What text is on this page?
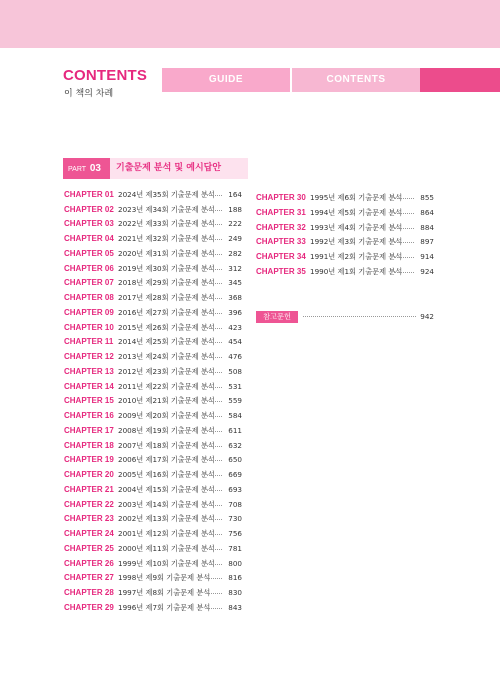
GUIDE	CONTENTS
CONTENTS
이 책의 차례
PART 03	기출문제 분석 및 예시답안
CHAPTER 01 2024년 제35회 기출문제 분석	164
CHAPTER 02 2023년 제34회 기출문제 분석	188
CHAPTER 03 2022년 제33회 기출문제 분석	222
CHAPTER 04 2021년 제32회 기출문제 분석	249
CHAPTER 05 2020년 제31회 기출문제 분석	282
CHAPTER 06 2019년 제30회 기출문제 분석	312
CHAPTER 07 2018년 제29회 기출문제 분석	345
CHAPTER 08 2017년 제28회 기출문제 분석	368
CHAPTER 09 2016년 제27회 기출문제 분석	396
CHAPTER 10 2015년 제26회 기출문제 분석	423
CHAPTER 11 2014년 제25회 기출문제 분석	454
CHAPTER 12 2013년 제24회 기출문제 분석	476
CHAPTER 13 2012년 제23회 기출문제 분석	508
CHAPTER 14 2011년 제22회 기출문제 분석	531
CHAPTER 15 2010년 제21회 기출문제 분석	559
CHAPTER 16 2009년 제20회 기출문제 분석	584
CHAPTER 17 2008년 제19회 기출문제 분석	611
CHAPTER 18 2007년 제18회 기출문제 분석	632
CHAPTER 19 2006년 제17회 기출문제 분석	650
CHAPTER 20 2005년 제16회 기출문제 분석	669
CHAPTER 21 2004년 제15회 기출문제 분석	693
CHAPTER 22 2003년 제14회 기출문제 분석	708
CHAPTER 23 2002년 제13회 기출문제 분석	730
CHAPTER 24 2001년 제12회 기출문제 분석	756
CHAPTER 25 2000년 제11회 기출문제 분석	781
CHAPTER 26 1999년 제10회 기출문제 분석	800
CHAPTER 27 1998년 제9회 기출문제 분석	816
CHAPTER 28 1997년 제8회 기출문제 분석	830
CHAPTER 29 1996년 제7회 기출문제 분석	843
CHAPTER 30 1995년 제6회 기출문제 분석	855
CHAPTER 31 1994년 제5회 기출문제 분석	864
CHAPTER 32 1993년 제4회 기출문제 분석	884
CHAPTER 33 1992년 제3회 기출문제 분석	897
CHAPTER 34 1991년 제2회 기출문제 분석	914
CHAPTER 35 1990년 제1회 기출문제 분석	924
참고문헌	942
